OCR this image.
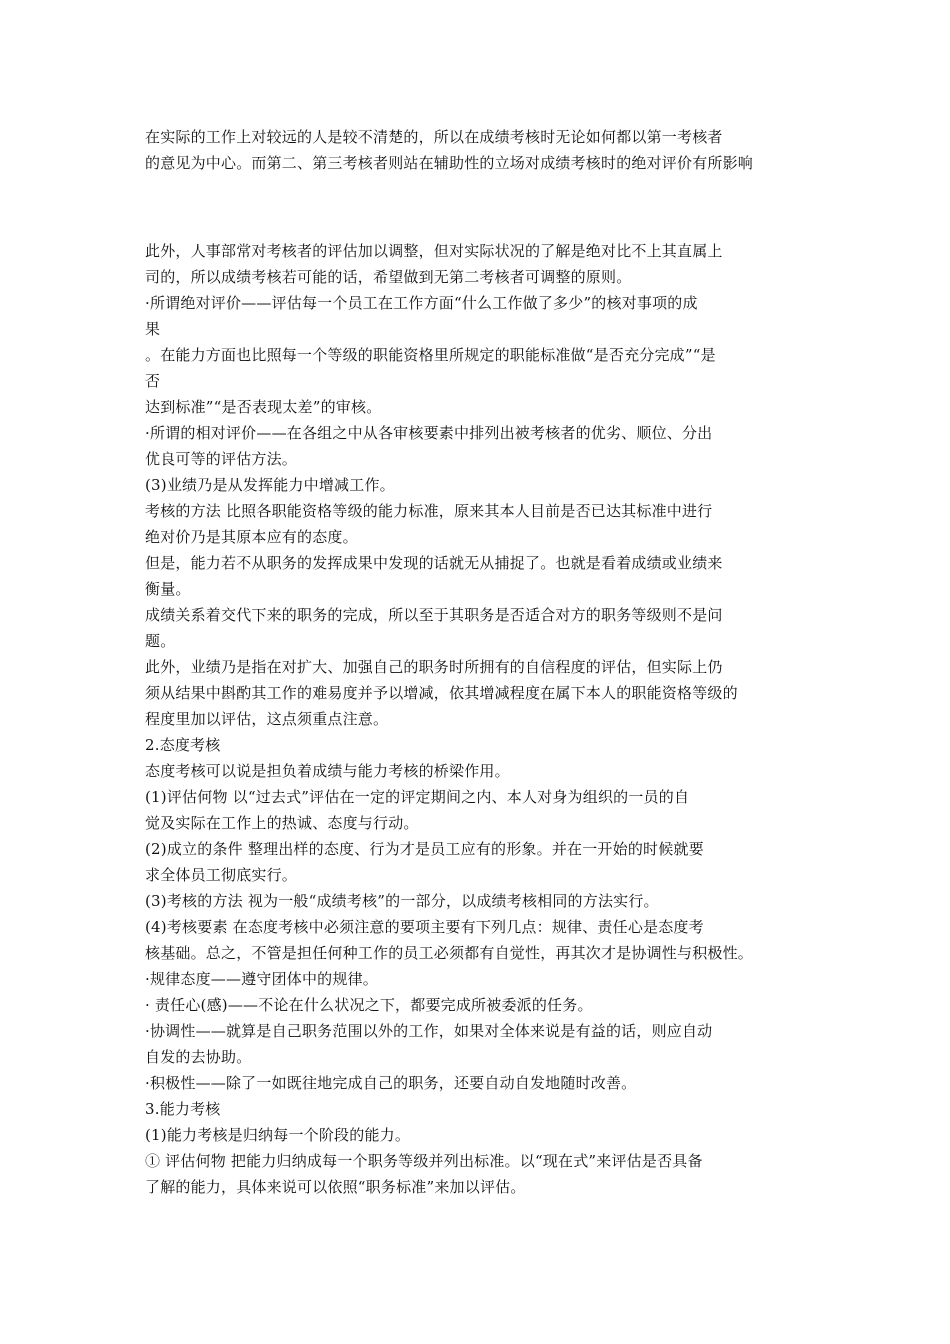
在实际的工作上对较远的人是较不清楚的，所以在成绩考核时无论如何都以第一考核者
的意见为中心。而第二、第三考核者则站在辅助性的立场对成绩考核时的绝对评价有所影响
此外，人事部常对考核者的评估加以调整，但对实际状况的了解是绝对比不上其直属上
司的，所以成绩考核若可能的话，希望做到无第二考核者可调整的原则。
·所谓绝对评价——评估每一个员工在工作方面“什么工作做了多少”的核对事项的成
果
。在能力方面也比照每一个等级的职能资格里所规定的职能标准做“是否充分完成”“是
否
达到标准”“是否表现太差”的审核。
·所谓的相对评价——在各组之中从各审核要素中排列出被考核者的优劣、顺位、分出
优良可等的评估方法。
(3)业绩乃是从发挥能力中增减工作。
考核的方法 比照各职能资格等级的能力标准，原来其本人目前是否已达其标准中进行
绝对价乃是其原本应有的态度。
但是，能力若不从职务的发挥成果中发现的话就无从捕捉了。也就是看着成绩或业绩来
衡量。
成绩关系着交代下来的职务的完成，所以至于其职务是否适合对方的职务等级则不是问
题。
此外，业绩乃是指在对扩大、加强自己的职务时所拥有的自信程度的评估，但实际上仍
须从结果中斟酌其工作的难易度并予以增减，依其增减程度在属下本人的职能资格等级的
程度里加以评估，这点须重点注意。
2.态度考核
态度考核可以说是担负着成绩与能力考核的桥梁作用。
(1)评估何物 以“过去式”评估在一定的评定期间之内、本人对身为组织的一员的自
觉及实际在工作上的热诚、态度与行动。
(2)成立的条件 整理出样的态度、行为才是员工应有的形象。并在一开始的时候就要
求全体员工彻底实行。
(3)考核的方法 视为一般“成绩考核”的一部分，以成绩考核相同的方法实行。
(4)考核要素 在态度考核中必须注意的要项主要有下列几点：规律、责任心是态度考
核基础。总之，不管是担任何种工作的员工必须都有自觉性，再其次才是协调性与积极性。
·规律态度——遵守团体中的规律。
· 责任心(感)——不论在什么状况之下，都要完成所被委派的任务。
·协调性——就算是自己职务范围以外的工作，如果对全体来说是有益的话，则应自动
自发的去协助。
·积极性——除了一如既往地完成自己的职务，还要自动自发地随时改善。
3.能力考核
(1)能力考核是归纳每一个阶段的能力。
① 评估何物 把能力归纳成每一个职务等级并列出标准。以“现在式”来评估是否具备
了解的能力，具体来说可以依照“职务标准”来加以评估。
